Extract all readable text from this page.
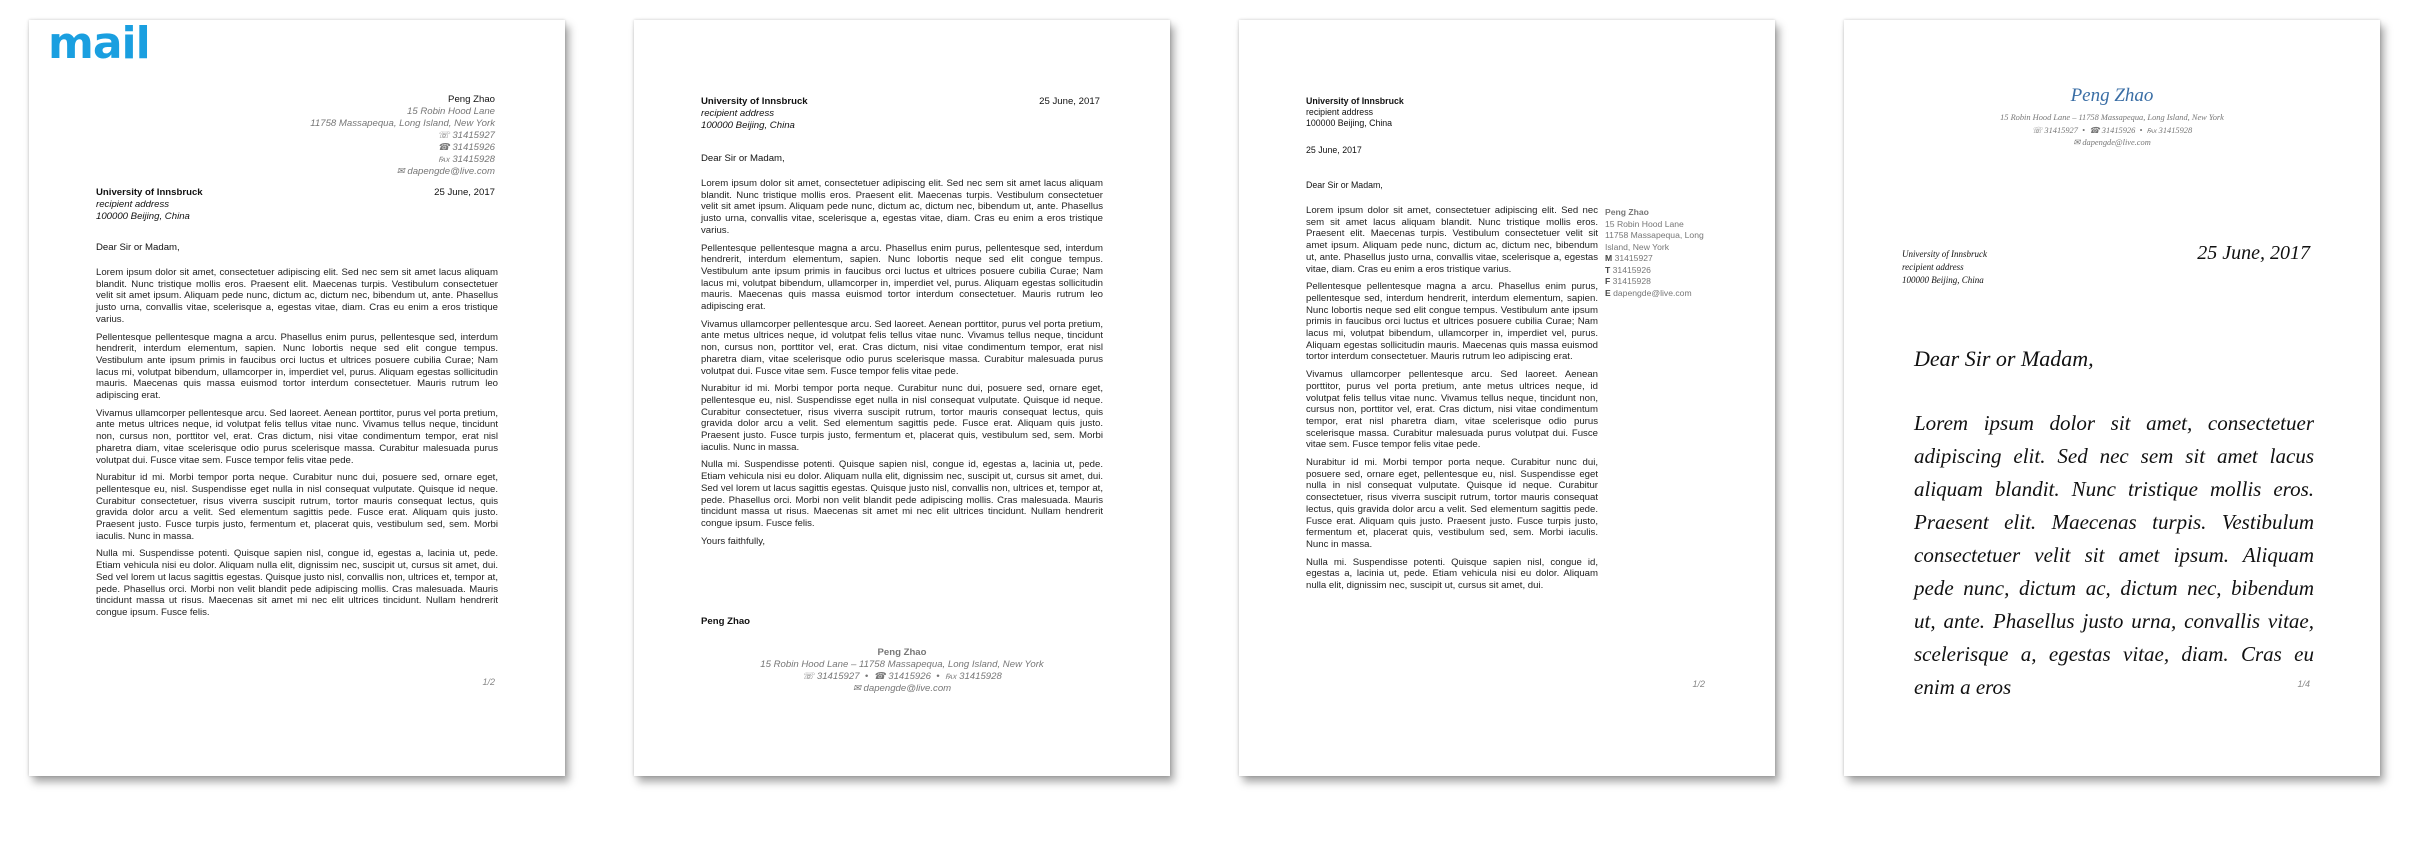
mail
Peng Zhao
15 Robin Hood Lane
11758 Massapequa, Long Island, New York
☏ 31415927
☎ 31415926
℻ 31415928
✉ dapengde@live.com
University of Innsbruck
recipient address
100000 Beijing, China
25 June, 2017
Dear Sir or Madam,

Lorem ipsum dolor sit amet, consectetuer adipiscing elit. Sed nec sem sit amet lacus aliquam blandit. Nunc tristique mollis eros. Praesent elit. Maecenas turpis. Vestibulum consectetuer velit sit amet ipsum. Aliquam pede nunc, dictum ac, dictum nec, bibendum ut, ante. Phasellus justo urna, convallis vitae, scelerisque a, egestas vitae, diam. Cras eu enim a eros tristique varius.

Pellentesque pellentesque magna a arcu. Phasellus enim purus, pellentesque sed, interdum hendrerit, interdum elementum, sapien. Nunc lobortis neque sed elit congue tempus. Vestibulum ante ipsum primis in faucibus orci luctus et ultrices posuere cubilia Curae; Nam lacus mi, volutpat bibendum, ullamcorper in, imperdiet vel, purus. Aliquam egestas sollicitudin mauris. Maecenas quis massa euismod tortor interdum consectetuer. Mauris rutrum leo adipiscing erat.

Vivamus ullamcorper pellentesque arcu. Sed laoreet. Aenean porttitor, purus vel porta pretium, ante metus ultrices neque, id volutpat felis tellus vitae nunc. Vivamus tellus neque, tincidunt non, cursus non, porttitor vel, erat. Cras dictum, nisi vitae condimentum tempor, erat nisl pharetra diam, vitae scelerisque odio purus scelerisque massa. Curabitur malesuada purus volutpat dui. Fusce vitae sem. Fusce tempor felis vitae pede.

Nurabitur id mi. Morbi tempor porta neque. Curabitur nunc dui, posuere sed, ornare eget, pellentesque eu, nisl. Suspendisse eget nulla in nisl consequat vulputate. Quisque id neque. Curabitur consectetuer, risus viverra suscipit rutrum, tortor mauris consequat lectus, quis gravida dolor arcu a velit. Sed elementum sagittis pede. Fusce erat. Aliquam quis justo. Praesent justo. Fusce turpis justo, fermentum et, placerat quis, vestibulum sed, sem. Morbi iaculis. Nunc in massa.

Nulla mi. Suspendisse potenti. Quisque sapien nisl, congue id, egestas a, lacinia ut, pede. Etiam vehicula nisi eu dolor. Aliquam nulla elit, dignissim nec, suscipit ut, cursus sit amet, dui. Sed vel lorem ut lacus sagittis egestas. Quisque justo nisl, convallis non, ultrices et, tempor at, pede. Phasellus orci. Morbi non velit blandit pede adipiscing mollis. Cras malesuada. Mauris tincidunt massa ut risus. Maecenas sit amet mi nec elit ultrices tincidunt. Nullam hendrerit congue ipsum. Fusce felis.

1/2
University of Innsbruck
recipient address
100000 Beijing, China
25 June, 2017
Dear Sir or Madam,

Lorem ipsum dolor sit amet, consectetuer adipiscing elit. Sed nec sem sit amet lacus aliquam blandit. Nunc tristique mollis eros. Praesent elit. Maecenas turpis. Vestibulum consectetuer velit sit amet ipsum. Aliquam pede nunc, dictum ac, dictum nec, bibendum ut, ante. Phasellus justo urna, convallis vitae, scelerisque a, egestas vitae, diam. Cras eu enim a eros tristique varius.

Pellentesque pellentesque magna a arcu. Phasellus enim purus, pellentesque sed, interdum hendrerit, interdum elementum, sapien. Nunc lobortis neque sed elit congue tempus. Vestibulum ante ipsum primis in faucibus orci luctus et ultrices posuere cubilia Curae; Nam lacus mi, volutpat bibendum, ullamcorper in, imperdiet vel, purus. Aliquam egestas sollicitudin mauris. Maecenas quis massa euismod tortor interdum consectetuer. Mauris rutrum leo adipiscing erat.

Vivamus ullamcorper pellentesque arcu. Sed laoreet. Aenean porttitor, purus vel porta pretium, ante metus ultrices neque, id volutpat felis tellus vitae nunc. Vivamus tellus neque, tincidunt non, cursus non, porttitor vel, erat. Cras dictum, nisi vitae condimentum tempor, erat nisl pharetra diam, vitae scelerisque odio purus scelerisque massa. Curabitur malesuada purus volutpat dui. Fusce vitae sem. Fusce tempor felis vitae pede.

Nurabitur id mi. Morbi tempor porta neque. Curabitur nunc dui, posuere sed, ornare eget, pellentesque eu, nisl. Suspendisse eget nulla in nisl consequat vulputate. Quisque id neque. Curabitur consectetuer, risus viverra suscipit rutrum, tortor mauris consequat lectus, quis gravida dolor arcu a velit. Sed elementum sagittis pede. Fusce erat. Aliquam quis justo. Praesent justo. Fusce turpis justo, fermentum et, placerat quis, vestibulum sed, sem. Morbi iaculis. Nunc in massa.

Nulla mi. Suspendisse potenti. Quisque sapien nisl, congue id, egestas a, lacinia ut, pede. Etiam vehicula nisi eu dolor. Aliquam nulla elit, dignissim nec, suscipit ut, cursus sit amet, dui. Sed vel lorem ut lacus sagittis egestas. Quisque justo nisl, convallis non, ultrices et, tempor at, pede. Phasellus orci. Morbi non velit blandit pede adipiscing mollis. Cras malesuada. Mauris tincidunt massa ut risus. Maecenas sit amet mi nec elit ultrices tincidunt. Nullam hendrerit congue ipsum. Fusce felis.

Yours faithfully,

Peng Zhao
Peng Zhao
15 Robin Hood Lane – 11758 Massapequa, Long Island, New York
☏ 31415927 • ☎ 31415926 • ℻ 31415928
✉ dapengde@live.com
University of Innsbruck
recipient address
100000 Beijing, China
25 June, 2017
Dear Sir or Madam,

Lorem ipsum dolor sit amet, consectetuer adipiscing elit. Sed nec sem sit amet lacus aliquam blandit. Nunc tristique mollis eros. Praesent elit. Maecenas turpis. Vestibulum consectetuer velit sit amet ipsum. Aliquam pede nunc, dictum ac, dictum nec, bibendum ut, ante. Phasellus justo urna, convallis vitae, scelerisque a, egestas vitae, diam. Cras eu enim a eros tristique varius.

Pellentesque pellentesque magna a arcu. Phasellus enim purus, pellentesque sed, interdum hendrerit, interdum elementum, sapien. Nunc lobortis neque sed elit congue tempus. Vestibulum ante ipsum primis in faucibus orci luctus et ultrices posuere cubilia Curae; Nam lacus mi, volutpat bibendum, ullamcorper in, imperdiet vel, purus. Aliquam egestas sollicitudin mauris. Maecenas quis massa euismod tortor interdum consectetuer. Mauris rutrum leo adipiscing erat.

Vivamus ullamcorper pellentesque arcu. Sed laoreet. Aenean porttitor, purus vel porta pretium, ante metus ultrices neque, id volutpat felis tellus vitae nunc. Vivamus tellus neque, tincidunt non, cursus non, porttitor vel, erat. Cras dictum, nisi vitae condimentum tempor, erat nisl pharetra diam, vitae scelerisque odio purus scelerisque massa. Curabitur malesuada purus volutpat dui. Fusce vitae sem. Fusce tempor felis vitae pede.

Nurabitur id mi. Morbi tempor porta neque. Curabitur nunc dui, posuere sed, ornare eget, pellentesque eu, nisl. Suspendisse eget nulla in nisl consequat vulputate. Quisque id neque. Curabitur consectetuer, risus viverra suscipit rutrum, tortor mauris consequat lectus, quis gravida dolor arcu a velit. Sed elementum sagittis pede. Fusce erat. Aliquam quis justo. Praesent justo. Fusce turpis justo, fermentum et, placerat quis, vestibulum sed, sem. Morbi iaculis. Nunc in massa.

Nulla mi. Suspendisse potenti. Quisque sapien nisl, congue id, egestas a, lacinia ut, pede. Etiam vehicula nisi eu dolor. Aliquam nulla elit, dignissim nec, suscipit ut, cursus sit amet, dui.

Peng Zhao
15 Robin Hood Lane
11758 Massapequa, Long
Island, New York
M 31415927
T 31415926
F 31415928
E dapengde@live.com
1/2
Peng Zhao
15 Robin Hood Lane – 11758 Massapequa, Long Island, New York
☏ 31415927 • ☎ 31415926 • ℻ 31415928
✉ dapengde@live.com
University of Innsbruck
recipient address
100000 Beijing, China
25 June, 2017
Dear Sir or Madam,
Lorem ipsum dolor sit amet, consectetuer adipiscing elit. Sed nec sem sit amet lacus aliquam blandit. Nunc tristique mollis eros. Praesent elit. Maecenas turpis. Vestibulum consectetuer velit sit amet ipsum. Aliquam pede nunc, dictum ac, dictum nec, bibendum ut, ante. Phasellus justo urna, convallis vitae, scelerisque a, egestas vitae, diam. Cras eu enim a eros	1/4
